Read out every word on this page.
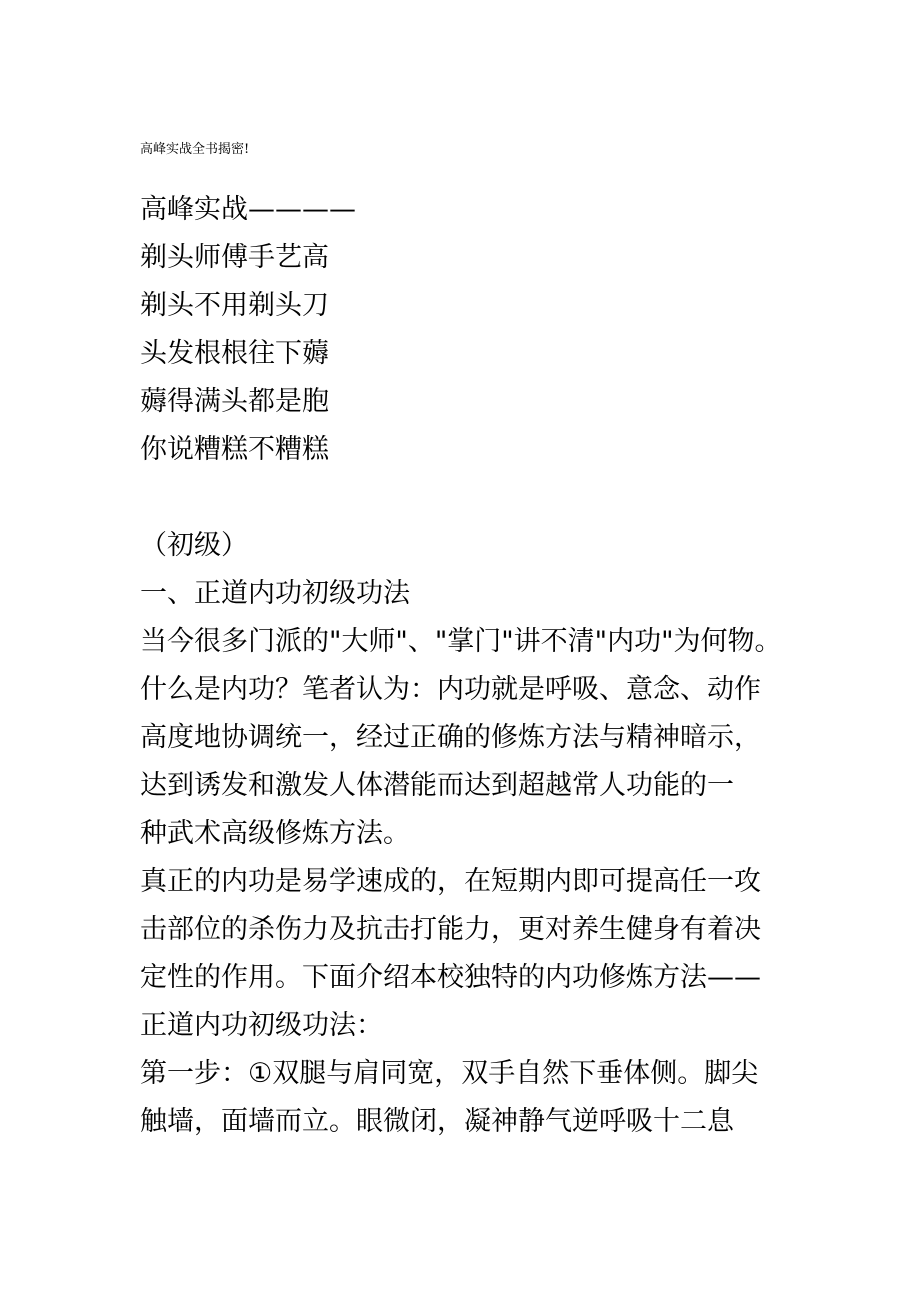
高峰实战全书揭密!
高峰实战————
剃头师傅手艺高
剃头不用剃头刀
头发根根往下薅
薅得满头都是胞
你说糟糕不糟糕
（初级）
一、正道内功初级功法
当今很多门派的"大师"、"掌门"讲不清"内功"为何物。
什么是内功？笔者认为：内功就是呼吸、意念、动作
高度地协调统一，经过正确的修炼方法与精神暗示，
达到诱发和激发人体潜能而达到超越常人功能的一
种武术高级修炼方法。
真正的内功是易学速成的，在短期内即可提高任一攻
击部位的杀伤力及抗击打能力，更对养生健身有着决
定性的作用。下面介绍本校独特的内功修炼方法——
正道内功初级功法：
第一步：①双腿与肩同宽，双手自然下垂体侧。脚尖
触墙，面墙而立。眼微闭，凝神静气逆呼吸十二息
